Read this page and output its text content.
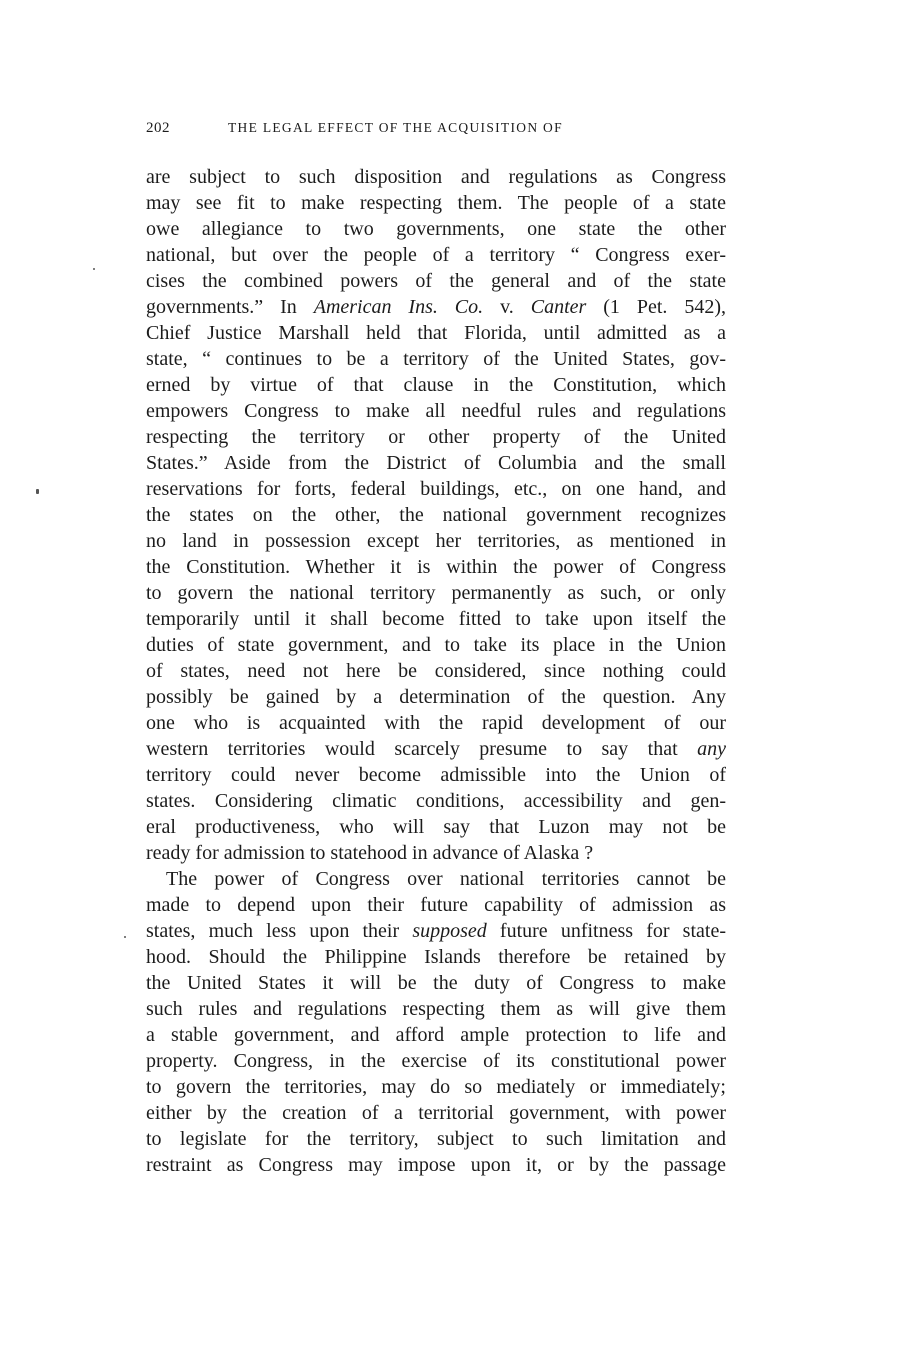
202	THE LEGAL EFFECT OF THE ACQUISITION OF
are subject to such disposition and regulations as Congress
may see fit to make respecting them. The people of a state
owe allegiance to two governments, one state the other
national, but over the people of a territory “ Congress exer-
cises the combined powers of the general and of the state
governments.” In American Ins. Co. v. Canter (1 Pet. 542),
Chief Justice Marshall held that Florida, until admitted as a
state, “ continues to be a territory of the United States, gov-
erned by virtue of that clause in the Constitution, which
empowers Congress to make all needful rules and regulations
respecting the territory or other property of the United
States.” Aside from the District of Columbia and the small
reservations for forts, federal buildings, etc., on one hand, and
the states on the other, the national government recognizes
no land in possession except her territories, as mentioned in
the Constitution. Whether it is within the power of Congress
to govern the national territory permanently as such, or only
temporarily until it shall become fitted to take upon itself the
duties of state government, and to take its place in the Union
of states, need not here be considered, since nothing could
possibly be gained by a determination of the question. Any
one who is acquainted with the rapid development of our
western territories would scarcely presume to say that any
territory could never become admissible into the Union of
states. Considering climatic conditions, accessibility and gen-
eral productiveness, who will say that Luzon may not be
ready for admission to statehood in advance of Alaska ?
The power of Congress over national territories cannot be
made to depend upon their future capability of admission as
states, much less upon their supposed future unfitness for state-
hood. Should the Philippine Islands therefore be retained by
the United States it will be the duty of Congress to make
such rules and regulations respecting them as will give them
a stable government, and afford ample protection to life and
property. Congress, in the exercise of its constitutional power
to govern the territories, may do so mediately or immediately;
either by the creation of a territorial government, with power
to legislate for the territory, subject to such limitation and
restraint as Congress may impose upon it, or by the passage
